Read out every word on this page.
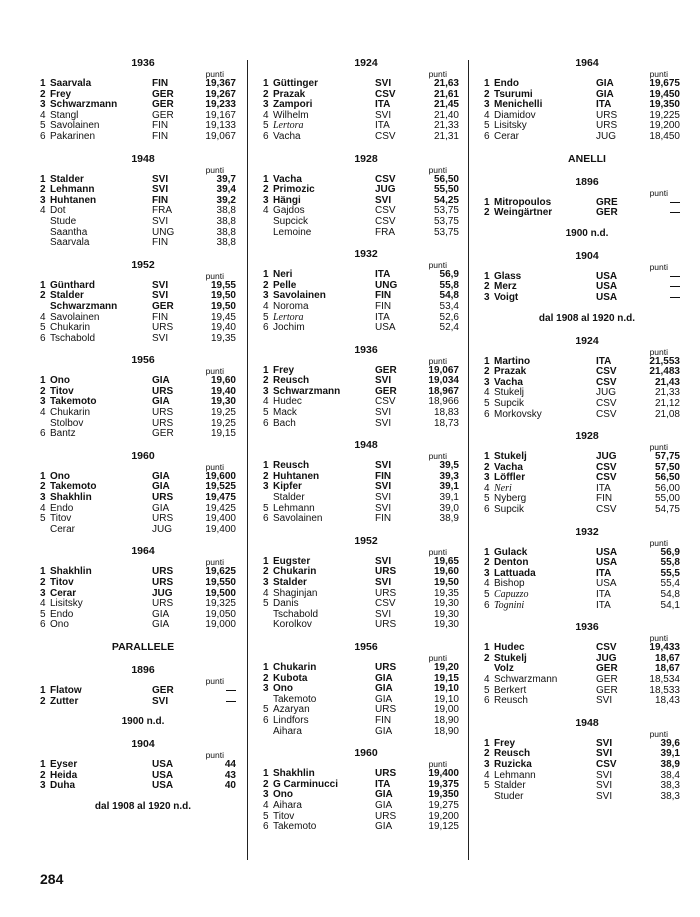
1936
punti
1 Saarvala	FIN	19,367
2 Frey	GER	19,267
3 Schwarzmann	GER	19,233
4 Stangl	GER	19,167
5 Savolainen	FIN	19,133
6 Pakarinen	FIN	19,067
1948
punti
1 Stalder	SVI	39,7
2 Lehmann	SVI	39,4
3 Huhtanen	FIN	39,2
4 Dot	FRA	38,8
Stude	SVI	38,8
Saantha	UNG	38,8
Saarvala	FIN	38,8
1952
punti
1 Günthard	SVI	19,55
2 Stalder	SVI	19,50
Schwarzmann	GER	19,50
4 Savolainen	FIN	19,45
5 Chukarin	URS	19,40
6 Tschabold	SVI	19,35
1956
punti
1 Ono	GIA	19,60
2 Titov	URS	19,40
3 Takemoto	GIA	19,30
4 Chukarin	URS	19,25
Stolbov	URS	19,25
6 Bantz	GER	19,15
1960
punti
1 Ono	GIA	19,600
2 Takemoto	GIA	19,525
3 Shakhlin	URS	19,475
4 Endo	GIA	19,425
5 Titov	URS	19,400
Cerar	JUG	19,400
1964
punti
1 Shakhlin	URS	19,625
2 Titov	URS	19,550
3 Cerar	JUG	19,500
4 Lisitsky	URS	19,325
5 Endo	GIA	19,050
6 Ono	GIA	19,000
PARALLELE
1896
punti
1 Flatow	GER	—
2 Zutter	SVI	—
1900 n.d.
1904
punti
1 Eyser	USA	44
2 Heida	USA	43
3 Duha	USA	40
dal 1908 al 1920 n.d.
1924
punti
1 Güttinger	SVI	21,63
2 Prazak	CSV	21,61
3 Zampori	ITA	21,45
4 Wilhelm	SVI	21,40
5 Lertora	ITA	21,33
6 Vacha	CSV	21,31
1928
punti
1 Vacha	CSV	56,50
2 Primozic	JUG	55,50
3 Hängi	SVI	54,25
4 Gajdos	CSV	53,75
Supcick	CSV	53,75
Lemoine	FRA	53,75
1932
punti
1 Neri	ITA	56,9
2 Pelle	UNG	55,8
3 Savolainen	FIN	54,8
4 Noroma	FIN	53,4
5 Lertora	ITA	52,6
6 Jochim	USA	52,4
1936
punti
1 Frey	GER	19,067
2 Reusch	SVI	19,034
3 Schwarzmann	GER	18,967
4 Hudec	CSV	18,966
5 Mack	SVI	18,83
6 Bach	SVI	18,73
1948
punti
1 Reusch	SVI	39,5
2 Huhtanen	FIN	39,3
3 Kipfer	SVI	39,1
Stalder	SVI	39,1
5 Lehmann	SVI	39,0
6 Savolainen	FIN	38,9
1952
punti
1 Eugster	SVI	19,65
2 Chukarin	URS	19,60
3 Stalder	SVI	19,50
4 Shaginjan	URS	19,35
5 Danis	CSV	19,30
Tschabold	SVI	19,30
Korolkov	URS	19,30
1956
punti
1 Chukarin	URS	19,20
2 Kubota	GIA	19,15
3 Ono	GIA	19,10
Takemoto	GIA	19,10
5 Azaryan	URS	19,00
6 Lindfors	FIN	18,90
Aihara	GIA	18,90
1960
punti
1 Shakhlin	URS	19,400
2 G Carminucci	ITA	19,375
3 Ono	GIA	19,350
4 Aihara	GIA	19,275
5 Titov	URS	19,200
6 Takemoto	GIA	19,125
1964
punti
1 Endo	GIA	19,675
2 Tsurumi	GIA	19,450
3 Menichelli	ITA	19,350
4 Diamidov	URS	19,225
5 Lisitsky	URS	19,200
6 Cerar	JUG	18,450
ANELLI
1896
punti
1 Mitropoulos	GRE	—
2 Weingärtner	GER	—
1900 n.d.
1904
punti
1 Glass	USA	—
2 Merz	USA	—
3 Voigt	USA	—
dal 1908 al 1920 n.d.
1924
punti
1 Martino	ITA	21,553
2 Prazak	CSV	21,483
3 Vacha	CSV	21,43
4 Stukelj	JUG	21,33
5 Supcik	CSV	21,12
6 Morkovsky	CSV	21,08
1928
punti
1 Stukelj	JUG	57,75
2 Vacha	CSV	57,50
3 Löffler	CSV	56,50
4 Neri	ITA	56,00
5 Nyberg	FIN	55,00
6 Supcik	CSV	54,75
1932
punti
1 Gulack	USA	56,9
2 Denton	USA	55,8
3 Lattuada	ITA	55,5
4 Bishop	USA	55,4
5 Capuzzo	ITA	54,8
6 Tognini	ITA	54,1
1936
punti
1 Hudec	CSV	19,433
2 Stukelj	JUG	18,67
Volz	GER	18,67
4 Schwarzmann	GER	18,534
5 Berkert	GER	18,533
6 Reusch	SVI	18,43
1948
punti
1 Frey	SVI	39,6
2 Reusch	SVI	39,1
3 Ruzicka	CSV	38,9
4 Lehmann	SVI	38,4
5 Stalder	SVI	38,3
Studer	SVI	38,3
284
